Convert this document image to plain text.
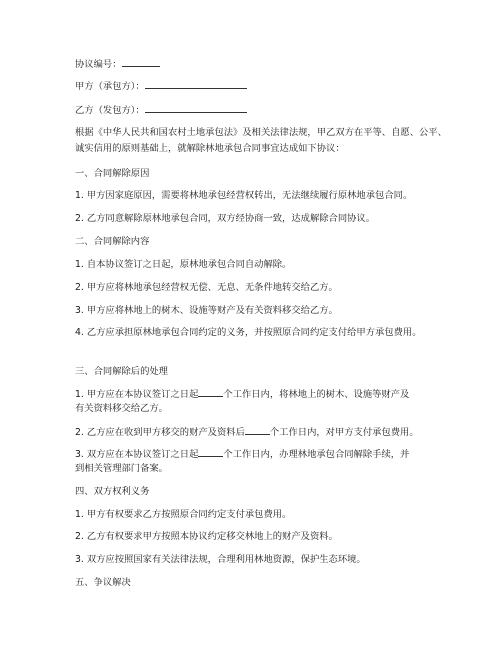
协议编号：
甲方（承包方）：
乙方（发包方）：
根据《中华人民共和国农村土地承包法》及相关法律法规，甲乙双方在平等、自愿、公平、诚实信用的原则基础上，就解除林地承包合同事宜达成如下协议：
一、合同解除原因
1. 甲方因家庭原因，需要将林地承包经营权转出，无法继续履行原林地承包合同。
2. 乙方同意解除原林地承包合同，双方经协商一致，达成解除合同协议。
二、合同解除内容
1. 自本协议签订之日起，原林地承包合同自动解除。
2. 甲方应将林地承包经营权无偿、无息、无条件地转交给乙方。
3. 甲方应将林地上的树木、设施等财产及有关资料移交给乙方。
4. 乙方应承担原林地承包合同约定的义务，并按照原合同约定支付给甲方承包费用。
三、合同解除后的处理
1. 甲方应在本协议签订之日起	个工作日内，将林地上的树木、设施等财产及
有关资料移交给乙方。
2. 乙方应在收到甲方移交的财产及资料后	个工作日内，对甲方支付承包费用。
3. 双方应在本协议签订之日起	个工作日内，办理林地承包合同解除手续，并
到相关管理部门备案。
四、双方权利义务
1. 甲方有权要求乙方按照原合同约定支付承包费用。
2. 乙方有权要求甲方按照本协议约定移交林地上的财产及资料。
3. 双方应按照国家有关法律法规，合理利用林地资源，保护生态环境。
五、争议解决
